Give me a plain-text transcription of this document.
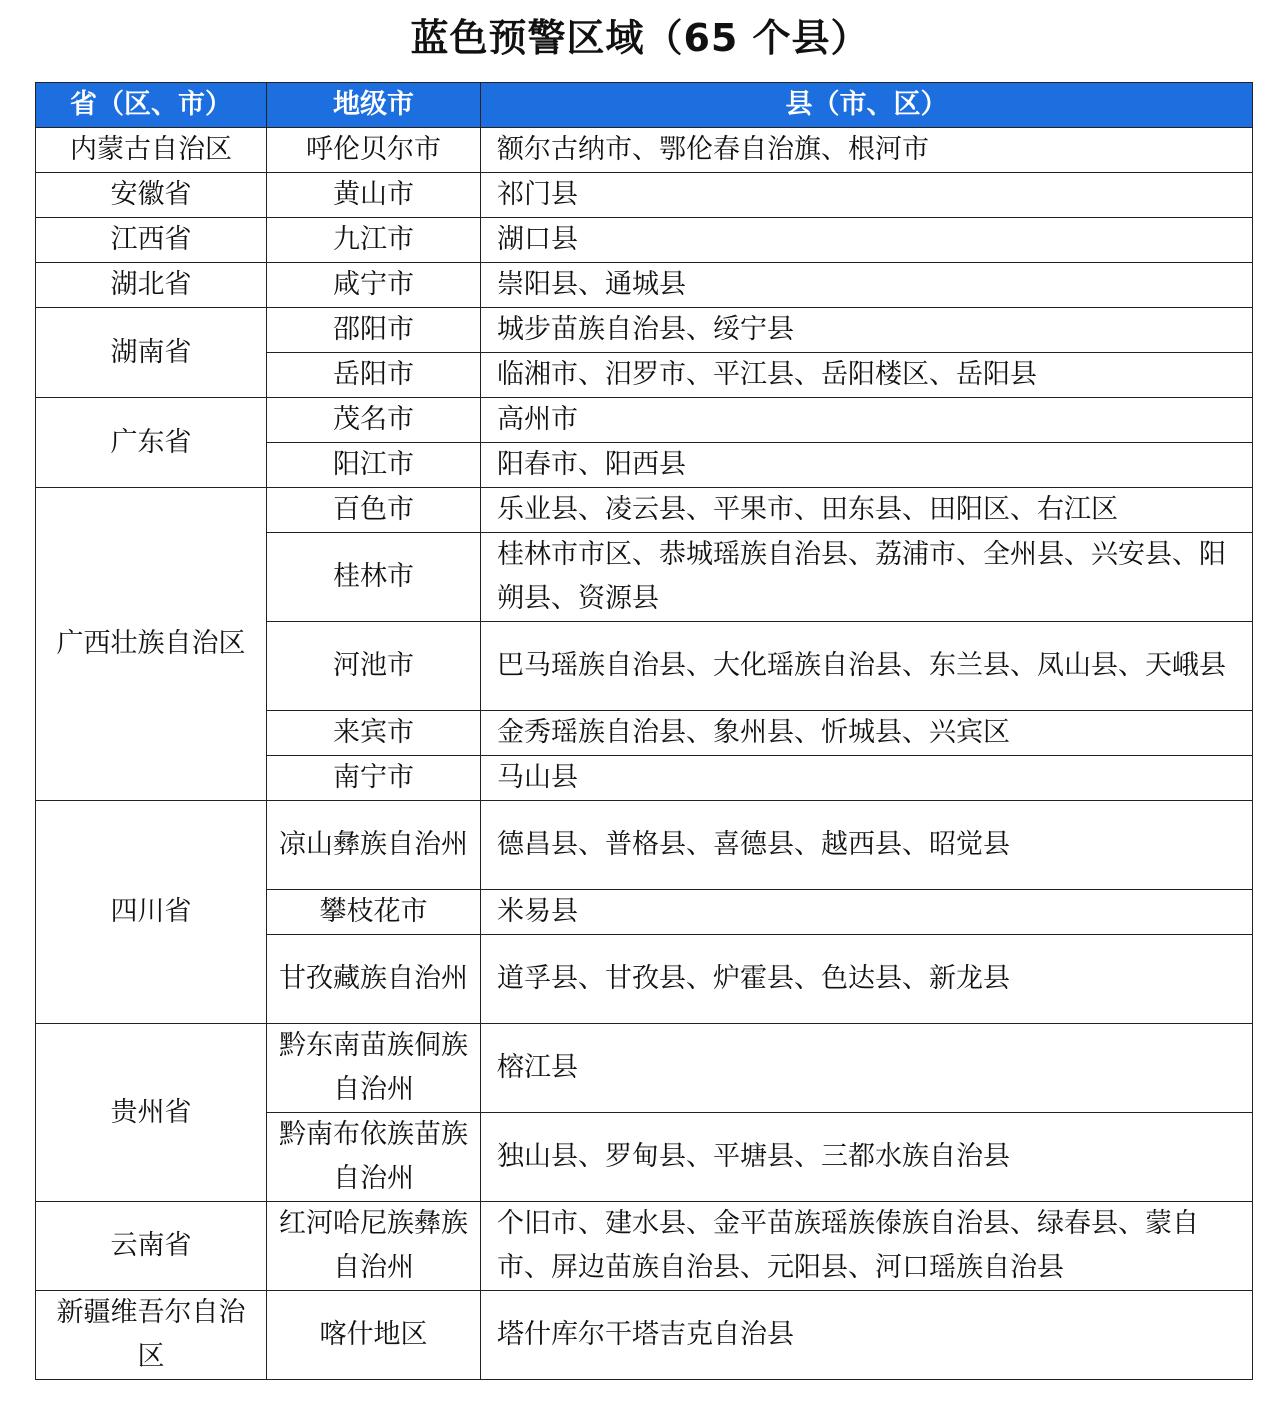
蓝色预警区域（65 个县）
省（区、市）	地级市	县（市、区）
内蒙古自治区	呼伦贝尔市	额尔古纳市、鄂伦春自治旗、根河市
安徽省	黄山市	祁门县
江西省	九江市	湖口县
湖北省	咸宁市	崇阳县、通城县
湖南省	邵阳市	城步苗族自治县、绥宁县
	岳阳市	临湘市、汨罗市、平江县、岳阳楼区、岳阳县
广东省	茂名市	高州市
	阳江市	阳春市、阳西县
广西壮族自治区	百色市	乐业县、凌云县、平果市、田东县、田阳区、右江区
	桂林市	桂林市市区、恭城瑶族自治县、荔浦市、全州县、兴安县、阳朔县、资源县
	河池市	巴马瑶族自治县、大化瑶族自治县、东兰县、凤山县、天峨县
	来宾市	金秀瑶族自治县、象州县、忻城县、兴宾区
	南宁市	马山县
四川省	凉山彝族自治州	德昌县、普格县、喜德县、越西县、昭觉县
	攀枝花市	米易县
	甘孜藏族自治州	道孚县、甘孜县、炉霍县、色达县、新龙县
贵州省	黔东南苗族侗族自治州	榕江县
	黔南布依族苗族自治州	独山县、罗甸县、平塘县、三都水族自治县
云南省	红河哈尼族彝族自治州	个旧市、建水县、金平苗族瑶族傣族自治县、绿春县、蒙自市、屏边苗族自治县、元阳县、河口瑶族自治县
新疆维吾尔自治区	喀什地区	塔什库尔干塔吉克自治县
